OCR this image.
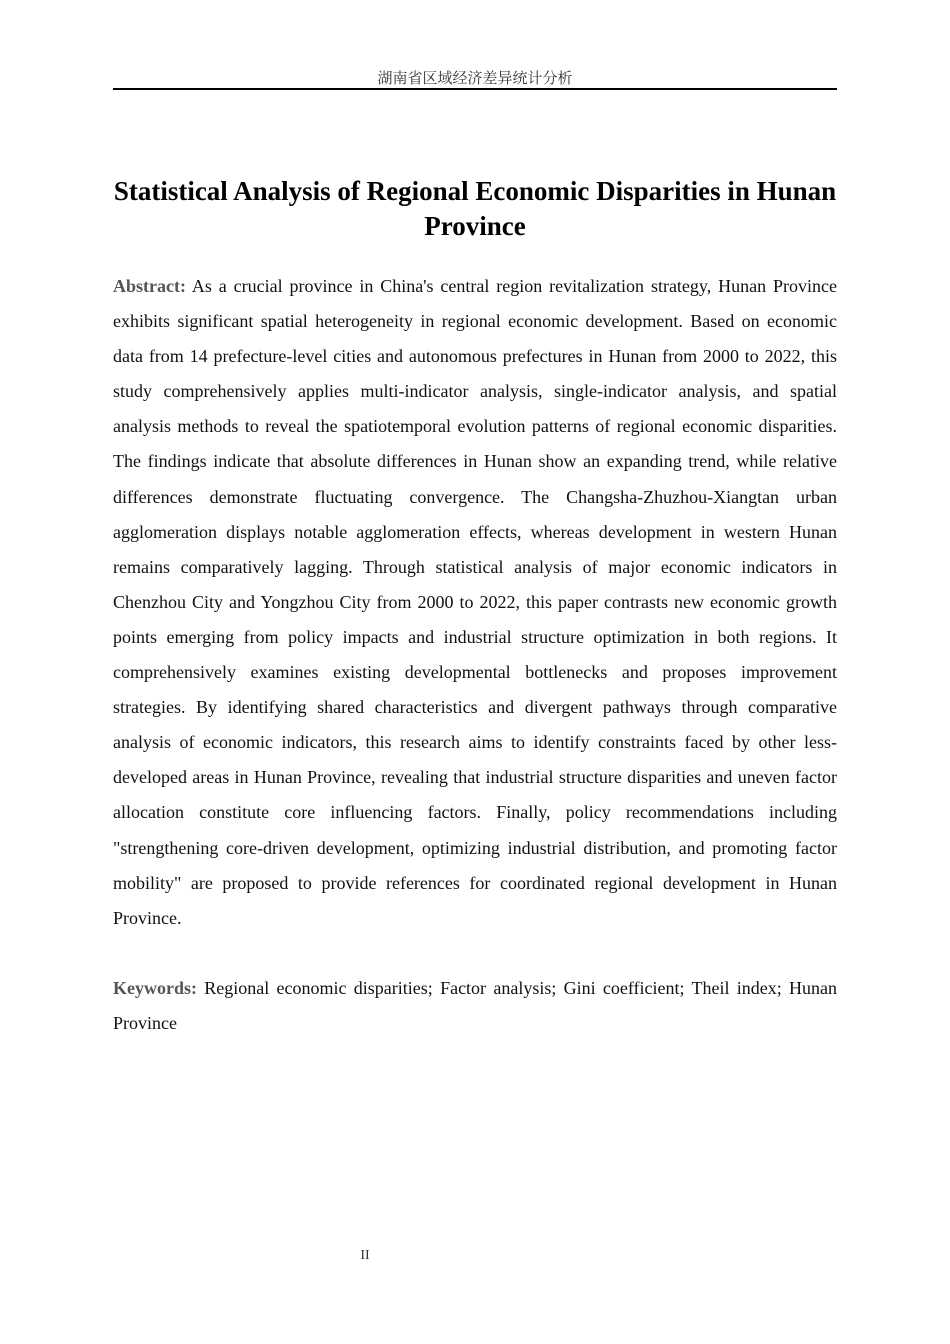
湖南省区域经济差异统计分析
Statistical Analysis of Regional Economic Disparities in Hunan Province

Abstract: As a crucial province in China's central region revitalization strategy, Hunan Province exhibits significant spatial heterogeneity in regional economic development. Based on economic data from 14 prefecture-level cities and autonomous prefectures in Hunan from 2000 to 2022, this study comprehensively applies multi-indicator analysis, single-indicator analysis, and spatial analysis methods to reveal the spatiotemporal evolution patterns of regional economic disparities. The findings indicate that absolute differences in Hunan show an expanding trend, while relative differences demonstrate fluctuating convergence. The Changsha-Zhuzhou-Xiangtan urban agglomeration displays notable agglomeration effects, whereas development in western Hunan remains comparatively lagging. Through statistical analysis of major economic indicators in Chenzhou City and Yongzhou City from 2000 to 2022, this paper contrasts new economic growth points emerging from policy impacts and industrial structure optimization in both regions. It comprehensively examines existing developmental bottlenecks and proposes improvement strategies. By identifying shared characteristics and divergent pathways through comparative analysis of economic indicators, this research aims to identify constraints faced by other less-developed areas in Hunan Province, revealing that industrial structure disparities and uneven factor allocation constitute core influencing factors. Finally, policy recommendations including "strengthening core-driven development, optimizing industrial distribution, and promoting factor mobility" are proposed to provide references for coordinated regional development in Hunan Province.

Keywords: Regional economic disparities; Factor analysis; Gini coefficient; Theil index; Hunan Province

II
